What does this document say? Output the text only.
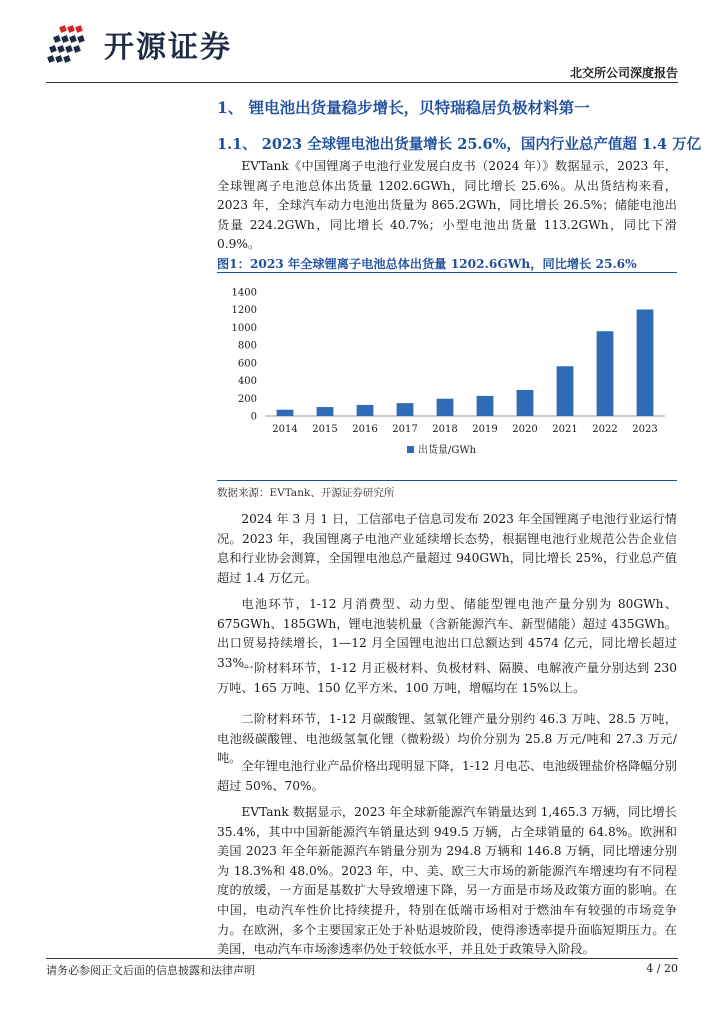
开源证券
北交所公司深度报告
1、 锂电池出货量稳步增长，贝特瑞稳居负极材料第一
1.1、 2023 全球锂电池出货量增长 25.6%，国内行业总产值超 1.4 万亿

EVTank《中国锂离子电池行业发展白皮书（2024 年）》数据显示，2023 年，全球锂离子电池总体出货量 1202.6GWh，同比增长 25.6%。从出货结构来看，2023 年，全球汽车动力电池出货量为 865.2GWh，同比增长 26.5%；储能电池出货量 224.2GWh，同比增长 40.7%；小型电池出货量 113.2GWh，同比下滑 0.9%。

图1：2023 年全球锂离子电池总体出货量 1202.6GWh，同比增长 25.6%
0
200
400
600
800
1000
1200
1400
2014 2015 2016 2017 2018 2019 2020 2021 2022 2023
出货量/GWh
数据来源：EVTank、开源证券研究所

2024 年 3 月 1 日，工信部电子信息司发布 2023 年全国锂离子电池行业运行情况。2023 年，我国锂离子电池产业延续增长态势，根据锂电池行业规范公告企业信息和行业协会测算，全国锂电池总产量超过 940GWh，同比增长 25%，行业总产值超过 1.4 万亿元。

电池环节，1-12 月消费型、动力型、储能型锂电池产量分别为 80GWh、675GWh、185GWh，锂电池装机量（含新能源汽车、新型储能）超过 435GWh。出口贸易持续增长，1—12 月全国锂电池出口总额达到 4574 亿元，同比增长超过 33%。

一阶材料环节，1-12 月正极材料、负极材料、隔膜、电解液产量分别达到 230 万吨、165 万吨、150 亿平方米、100 万吨，增幅均在 15%以上。

二阶材料环节，1-12 月碳酸锂、氢氧化锂产量分别约 46.3 万吨、28.5 万吨，电池级碳酸锂、电池级氢氧化锂（微粉级）均价分别为 25.8 万元/吨和 27.3 万元/吨。

全年锂电池行业产品价格出现明显下降，1-12 月电芯、电池级锂盐价格降幅分别超过 50%、70%。

EVTank 数据显示，2023 年全球新能源汽车销量达到 1,465.3 万辆，同比增长 35.4%，其中中国新能源汽车销量达到 949.5 万辆，占全球销量的 64.8%。欧洲和美国 2023 年全年新能源汽车销量分别为 294.8 万辆和 146.8 万辆，同比增速分别为 18.3%和 48.0%。2023 年，中、美、欧三大市场的新能源汽车增速均有不同程度的放缓，一方面是基数扩大导致增速下降，另一方面是市场及政策方面的影响。在中国，电动汽车性价比持续提升，特别在低端市场相对于燃油车有较强的市场竞争力。在欧洲，多个主要国家正处于补贴退坡阶段，使得渗透率提升面临短期压力。在美国，电动汽车市场渗透率仍处于较低水平，并且处于政策导入阶段。

请务必参阅正文后面的信息披露和法律声明	4 / 20
